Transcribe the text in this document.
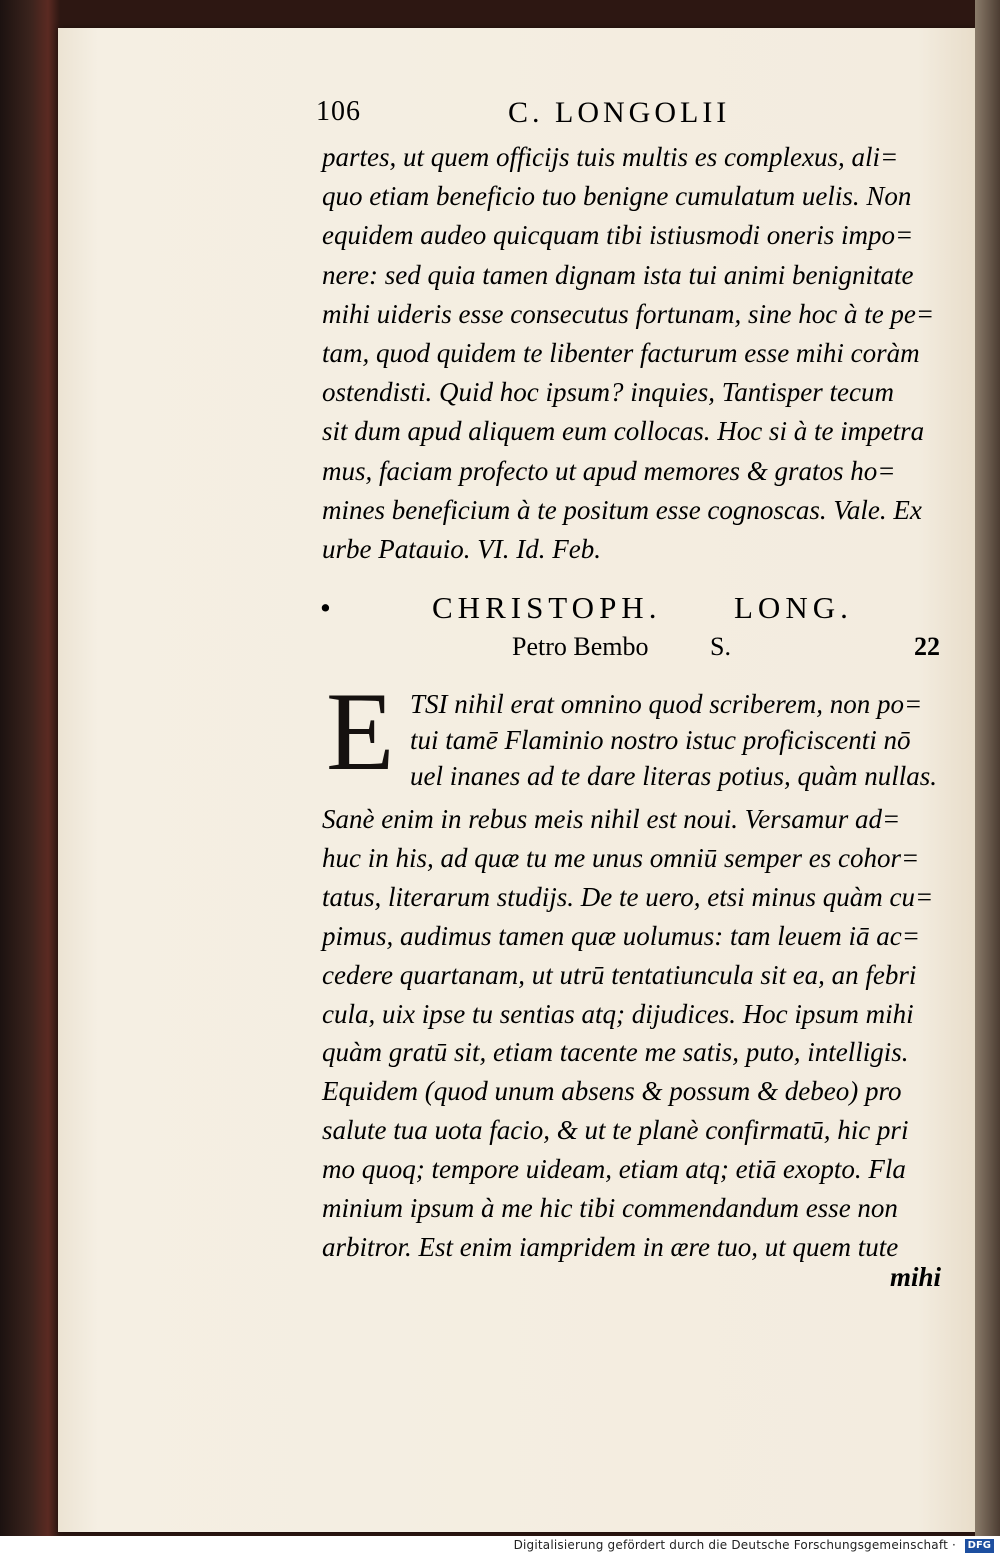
106	C. LONGOLII
partes, ut quem officijs tuis multis es complexus, ali=
quo etiam beneficio tuo benigne cumulatum uelis. Non
equidem audeo quicquam tibi istiusmodi oneris impo=
nere: sed quia tamen dignam ista tui animi benignitate
mihi uideris esse consecutus fortunam, sine hoc à te pe=
tam, quod quidem te libenter facturum esse mihi coràm
ostendisti. Quid hoc ipsum? inquies, Tantisper tecum
sit dum apud aliquem eum collocas. Hoc si à te impetra
mus, faciam profecto ut apud memores & gratos ho=
mines beneficium à te positum esse cognoscas. Vale. Ex
urbe Patauio. VI. Id. Feb.
•	CHRISTOPH. LONG.
Petro Bembo S.	22
E TSI nihil erat omnino quod scriberem, non po=
tui tamē Flaminio nostro istuc proficiscenti nō
uel inanes ad te dare literas potius, quàm nullas.
Sanè enim in rebus meis nihil est noui. Versamur ad=
huc in his, ad quæ tu me unus omniū semper es cohor=
tatus, literarum studijs. De te uero, etsi minus quàm cu=
pimus, audimus tamen quæ uolumus: tam leuem iā ac=
cedere quartanam, ut utrū tentatiuncula sit ea, an febri
cula, uix ipse tu sentias atq; dijudices. Hoc ipsum mihi
quàm gratū sit, etiam tacente me satis, puto, intelligis.
Equidem (quod unum absens & possum & debeo) pro
salute tua uota facio, & ut te planè confirmatū, hic pri
mo quoq; tempore uideam, etiam atq; etiā exopto. Fla
minium ipsum à me hic tibi commendandum esse non
arbitror. Est enim iampridem in ære tuo, ut quem tute
mihi
Digitalisierung gefördert durch die Deutsche Forschungsgemeinschaft ·	DFG
